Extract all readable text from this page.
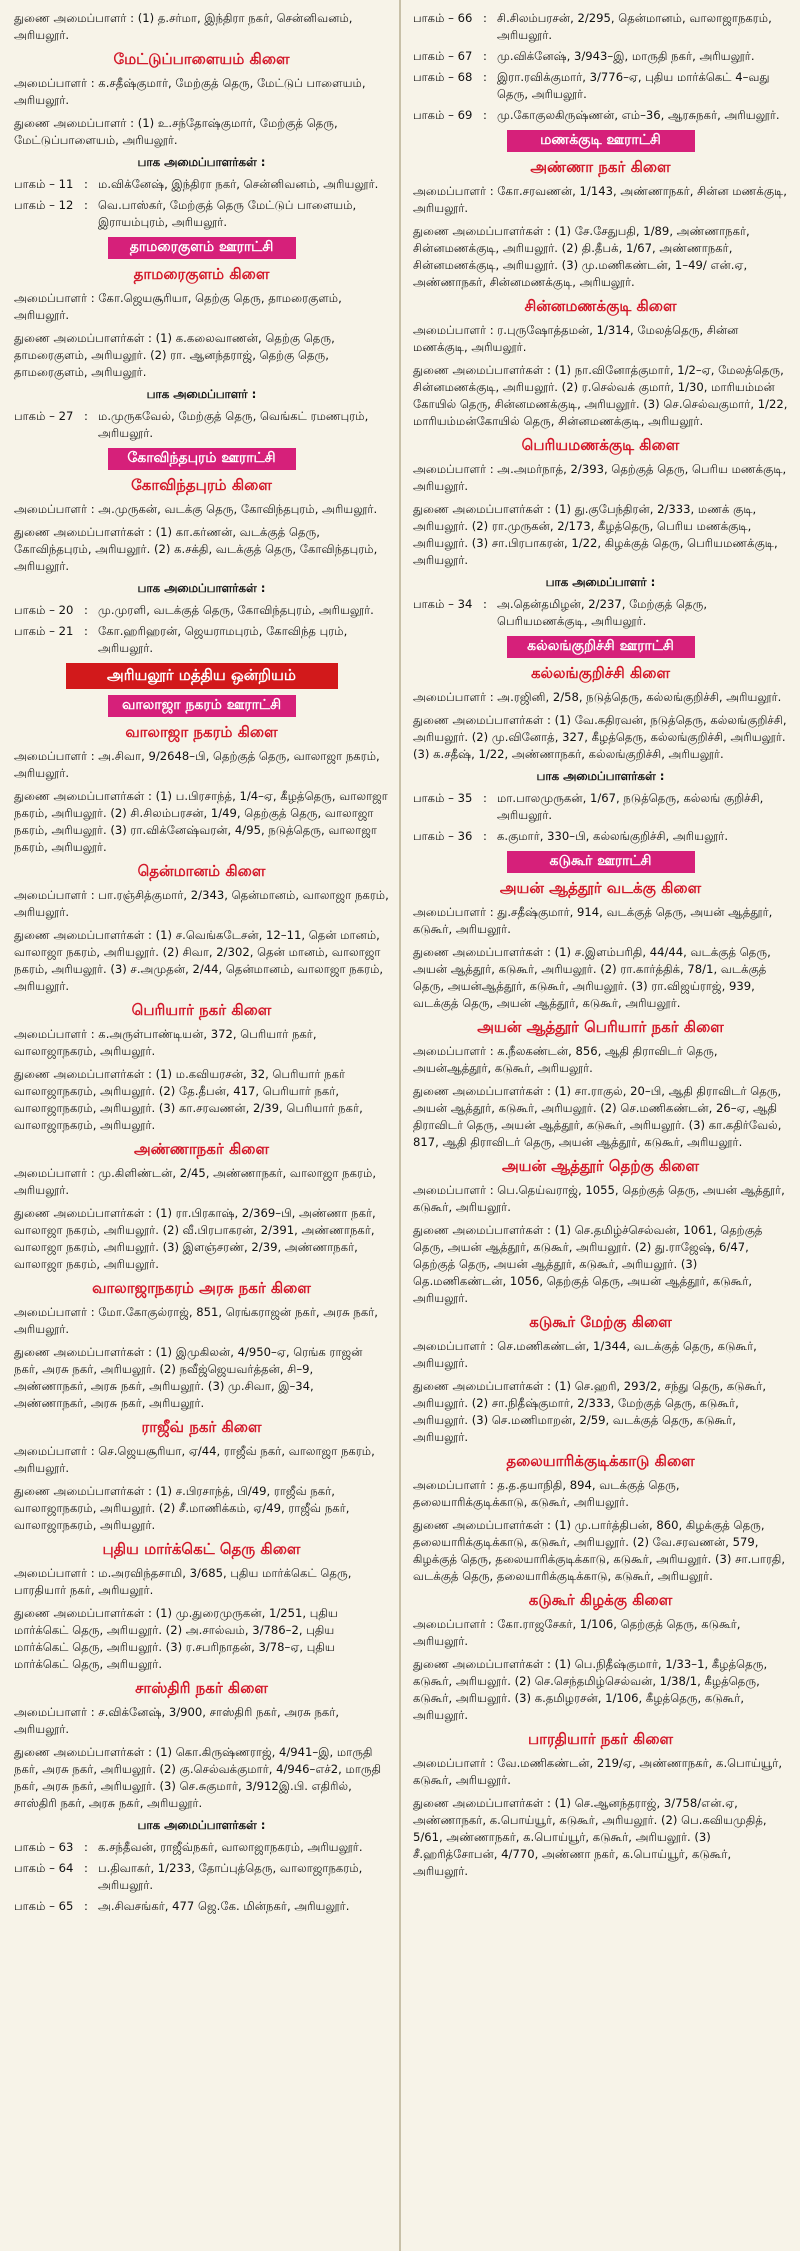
துணை அமைப்பாளர் : (1) த.சர்மா, இந்திரா நகர், சென்னிவனம், அரியலூர்.

மேட்டுப்பாளையம் கிளை

அமைப்பாளர் : க.சதீஷ்குமார், மேற்குத் தெரு, மேட்டுப் பாளையம், அரியலூர்.

துணை அமைப்பாளர் : (1) உ.சந்தோஷ்குமார், மேற்குத் தெரு, மேட்டுப்பாளையம், அரியலூர்.

பாக அமைப்பாளர்கள் :
பாகம் – 11 : ம.விக்னேஷ், இந்திரா நகர், சென்னிவனம், அரியலூர்.
பாகம் – 12 : வெ.பாஸ்கர், மேற்குத் தெரு மேட்டுப் பாளையம், இராயம்புரம், அரியலூர்.
தாமரைகுளம் ஊராட்சி
தாமரைகுளம் கிளை

அமைப்பாளர் : கோ.ஜெயசூரியா, தெற்கு தெரு, தாமரைகுளம், அரியலூர்.

துணை அமைப்பாளர்கள் : (1) க.கலைவாணன், தெற்கு தெரு, தாமரைகுளம், அரியலூர். (2) ரா. ஆனந்தராஜ், தெற்கு தெரு, தாமரைகுளம், அரியலூர்.

பாக அமைப்பாளர் :
பாகம் – 27 : ம.முருகவேல், மேற்குத் தெரு, வெங்கட் ரமணபுரம், அரியலூர்.
கோவிந்தபுரம் ஊராட்சி
கோவிந்தபுரம் கிளை

அமைப்பாளர் : அ.முருகன், வடக்கு தெரு, கோவிந்தபுரம், அரியலூர்.

துணை அமைப்பாளர்கள் : (1) கா.கர்ணன், வடக்குத் தெரு, கோவிந்தபுரம், அரியலூர். (2) க.சக்தி, வடக்குத் தெரு, கோவிந்தபுரம், அரியலூர்.

பாக அமைப்பாளர்கள் :
பாகம் – 20 : மு.முரளி, வடக்குத் தெரு, கோவிந்தபுரம், அரியலூர்.
பாகம் – 21 : கோ.ஹரிஹரன், ஜெயராமபுரம், கோவிந்த புரம், அரியலூர்.
அரியலூர் மத்திய ஒன்றியம்
வாலாஜா நகரம் ஊராட்சி
வாலாஜா நகரம் கிளை

அமைப்பாளர் : அ.சிவா, 9/2648–பி, தெற்குத் தெரு, வாலாஜா நகரம், அரியலூர்.

துணை அமைப்பாளர்கள் : (1) ப.பிரசாந்த், 1/4–ஏ, கீழத்தெரு, வாலாஜா நகரம், அரியலூர். (2) சி.சிலம்பரசன், 1/49, தெற்குத் தெரு, வாலாஜா நகரம், அரியலூர். (3) ரா.விக்னேஷ்வரன், 4/95, நடுத்தெரு, வாலாஜா நகரம், அரியலூர்.

தென்மானம் கிளை

அமைப்பாளர் : பா.ரஞ்சித்குமார், 2/343, தென்மானம், வாலாஜா நகரம், அரியலூர்.

துணை அமைப்பாளர்கள் : (1) ச.வெங்கடேசன், 12–11, தென் மானம், வாலாஜா நகரம், அரியலூர். (2) சிவா, 2/302, தென் மானம், வாலாஜா நகரம், அரியலூர். (3) ச.அமுதன், 2/44, தென்மானம், வாலாஜா நகரம், அரியலூர்.

பெரியார் நகர் கிளை

அமைப்பாளர் : க.அருள்பாண்டியன், 372, பெரியார் நகர், வாலாஜாநகரம், அரியலூர்.

துணை அமைப்பாளர்கள் : (1) ம.கவியரசன், 32, பெரியார் நகர் வாலாஜாநகரம், அரியலூர். (2) தே.தீபன், 417, பெரியார் நகர், வாலாஜாநகரம், அரியலூர். (3) கா.சரவணன், 2/39, பெரியார் நகர், வாலாஜாநகரம், அரியலூர்.

அண்ணாநகர் கிளை

அமைப்பாளர் : மு.கிளிண்டன், 2/45, அண்ணாநகர், வாலாஜா நகரம், அரியலூர்.

துணை அமைப்பாளர்கள் : (1) ரா.பிரகாஷ், 2/369–பி, அண்ணா நகர், வாலாஜா நகரம், அரியலூர். (2) வீ.பிரபாகரன், 2/391, அண்ணாநகர், வாலாஜா நகரம், அரியலூர். (3) இளஞ்சரண், 2/39, அண்ணாநகர், வாலாஜா நகரம், அரியலூர்.

வாலாஜாநகரம் அரசு நகர் கிளை

அமைப்பாளர் : மோ.கோகுல்ராஜ், 851, ரெங்கராஜன் நகர், அரசு நகர், அரியலூர்.

துணை அமைப்பாளர்கள் : (1) இமுகிலன், 4/950–ஏ, ரெங்க ராஜன் நகர், அரசு நகர், அரியலூர். (2) நவீஜ்ஜெயவர்த்தன், சி–9, அண்ணாநகர், அரசு நகர், அரியலூர். (3) மு.சிவா, இ–34, அண்ணாநகர், அரசு நகர், அரியலூர்.

ராஜீவ் நகர் கிளை

அமைப்பாளர் : செ.ஜெயசூரியா, ஏ/44, ராஜீவ் நகர், வாலாஜா நகரம், அரியலூர்.

துணை அமைப்பாளர்கள் : (1) ச.பிரசாந்த், பி/49, ராஜீவ் நகர், வாலாஜாநகரம், அரியலூர். (2) சீ.மாணிக்கம், ஏ/49, ராஜீவ் நகர், வாலாஜாநகரம், அரியலூர்.

புதிய மார்க்கெட் தெரு கிளை

அமைப்பாளர் : ம.அரவிந்தசாமி, 3/685, புதிய மார்க்கெட் தெரு, பாரதியார் நகர், அரியலூர்.

துணை அமைப்பாளர்கள் : (1) மு.துரைமுருகன், 1/251, புதிய மார்க்கெட் தெரு, அரியலூர். (2) அ.சால்வம், 3/786–2, புதிய மார்க்கெட் தெரு, அரியலூர். (3) ர.சபரிநாதன், 3/78–ஏ, புதிய மார்க்கெட் தெரு, அரியலூர்.

சாஸ்திரி நகர் கிளை

அமைப்பாளர் : ச.விக்னேஷ், 3/900, சாஸ்திரி நகர், அரசு நகர், அரியலூர்.

துணை அமைப்பாளர்கள் : (1) கொ.கிருஷ்ணராஜ், 4/941–இ, மாருதி நகர், அரசு நகர், அரியலூர். (2) கு.செல்வக்குமார், 4/946–எச்2, மாருதி நகர், அரசு நகர், அரியலூர். (3) செ.சுகுமார், 3/912இ.பி. எதிரில், சாஸ்திரி நகர், அரசு நகர், அரியலூர்.

பாக அமைப்பாளர்கள் :
பாகம் – 63 : க.சந்தீவன், ராஜீவ்நகர், வாலாஜாநகரம், அரியலூர்.
பாகம் – 64 : ப.திவாகர், 1/233, தோப்புத்தெரு, வாலாஜாநகரம், அரியலூர்.
பாகம் – 65 : அ.சிவசங்கர், 477 ஜெ.கே. மின்நகர், அரியலூர்.
பாகம் – 66 : சி.சிலம்பரசன், 2/295, தென்மானம், வாலாஜாநகரம், அரியலூர்.
பாகம் – 67 : மு.விக்னேஷ், 3/943–இ, மாருதி நகர், அரியலூர்.
பாகம் – 68 : இரா.ரவிக்குமார், 3/776–ஏ, புதிய மார்க்கெட் 4–வது தெரு, அரியலூர்.
பாகம் – 69 : மு.கோகுலகிருஷ்ணன், எம்–36, ஆரசுநகர், அரியலூர்.
மணக்குடி ஊராட்சி
அண்ணா நகர் கிளை

அமைப்பாளர் : கோ.சரவணன், 1/143, அண்ணாநகர், சின்ன மணக்குடி, அரியலூர்.

துணை அமைப்பாளர்கள் : (1) சே.சேதுபதி, 1/89, அண்ணாநகர், சின்னமணக்குடி, அரியலூர். (2) தி.தீபக், 1/67, அண்ணாநகர், சின்னமணக்குடி, அரியலூர். (3) மு.மணிகண்டன், 1–49/ என்.ஏ, அண்ணாநகர், சின்னமணக்குடி, அரியலூர்.

சின்னமணக்குடி கிளை

அமைப்பாளர் : ர.புருஷோத்தமன், 1/314, மேலத்தெரு, சின்ன மணக்குடி, அரியலூர்.

துணை அமைப்பாளர்கள் : (1) நா.வினோத்குமார், 1/2–ஏ, மேலத்தெரு, சின்னமணக்குடி, அரியலூர். (2) ர.செல்வக் குமார், 1/30, மாரியம்மன் கோயில் தெரு, சின்னமணக்குடி, அரியலூர். (3) செ.செல்வகுமார், 1/22, மாரியம்மன்கோயில் தெரு, சின்னமணக்குடி, அரியலூர்.

பெரியமணக்குடி கிளை

அமைப்பாளர் : அ.அமர்நாத், 2/393, தெற்குத் தெரு, பெரிய மணக்குடி, அரியலூர்.

துணை அமைப்பாளர்கள் : (1) து.குபேந்திரன், 2/333, மணக் குடி, அரியலூர். (2) ரா.முருகன், 2/173, கீழத்தெரு, பெரிய மணக்குடி, அரியலூர். (3) சா.பிரபாகரன், 1/22, கிழக்குத் தெரு, பெரியமணக்குடி, அரியலூர்.

பாக அமைப்பாளர் :
பாகம் – 34 : அ.தென்தமிழன், 2/237, மேற்குத் தெரு, பெரியமணக்குடி, அரியலூர்.
கல்லங்குறிச்சி ஊராட்சி
கல்லங்குறிச்சி கிளை

அமைப்பாளர் : அ.ரஜினி, 2/58, நடுத்தெரு, கல்லங்குறிச்சி, அரியலூர்.

துணை அமைப்பாளர்கள் : (1) வே.கதிரவன், நடுத்தெரு, கல்லங்குறிச்சி, அரியலூர். (2) மு.வினோத், 327, கீழத்தெரு, கல்லங்குறிச்சி, அரியலூர். (3) க.சதீஷ், 1/22, அண்ணாநகர், கல்லங்குறிச்சி, அரியலூர்.

பாக அமைப்பாளர்கள் :
பாகம் – 35 : மா.பாலமுருகன், 1/67, நடுத்தெரு, கல்லங் குறிச்சி, அரியலூர்.
பாகம் – 36 : க.குமார், 330–பி, கல்லங்குறிச்சி, அரியலூர்.
கடுகூர் ஊராட்சி
அயன் ஆத்தூர் வடக்கு கிளை

அமைப்பாளர் : து.சதீஷ்குமார், 914, வடக்குத் தெரு, அயன் ஆத்தூர், கடுகூர், அரியலூர்.

துணை அமைப்பாளர்கள் : (1) ச.இளம்பரிதி, 44/44, வடக்குத் தெரு, அயன் ஆத்தூர், கடுகூர், அரியலூர். (2) ரா.கார்த்திக், 78/1, வடக்குத் தெரு, அயன்ஆத்தூர், கடுகூர், அரியலூர். (3) ரா.விஜய்ராஜ், 939, வடக்குத் தெரு, அயன் ஆத்தூர், கடுகூர், அரியலூர்.

அயன் ஆத்தூர் பெரியார் நகர் கிளை

அமைப்பாளர் : க.நீலகண்டன், 856, ஆதி திராவிடர் தெரு, அயன்ஆத்தூர், கடுகூர், அரியலூர்.

துணை அமைப்பாளர்கள் : (1) சா.ராகுல், 20–பி, ஆதி திராவிடர் தெரு, அயன் ஆத்தூர், கடுகூர், அரியலூர். (2) செ.மணிகண்டன், 26–ஏ, ஆதி திராவிடர் தெரு, அயன் ஆத்தூர், கடுகூர், அரியலூர். (3) கா.கதிர்வேல், 817, ஆதி திராவிடர் தெரு, அயன் ஆத்தூர், கடுகூர், அரியலூர்.

அயன் ஆத்தூர் தெற்கு கிளை

அமைப்பாளர் : பெ.தெய்வராஜ், 1055, தெற்குத் தெரு, அயன் ஆத்தூர், கடுகூர், அரியலூர்.

துணை அமைப்பாளர்கள் : (1) செ.தமிழ்ச்செல்வன், 1061, தெற்குத் தெரு, அயன் ஆத்தூர், கடுகூர், அரியலூர். (2) து.ராஜேஷ், 6/47, தெற்குத் தெரு, அயன் ஆத்தூர், கடுகூர், அரியலூர். (3) தெ.மணிகண்டன், 1056, தெற்குத் தெரு, அயன் ஆத்தூர், கடுகூர், அரியலூர்.

கடுகூர் மேற்கு கிளை

அமைப்பாளர் : செ.மணிகண்டன், 1/344, வடக்குத் தெரு, கடுகூர், அரியலூர்.

துணை அமைப்பாளர்கள் : (1) செ.ஹரி, 293/2, சந்து தெரு, கடுகூர், அரியலூர். (2) சா.நிதீஷ்குமார், 2/333, மேற்குத் தெரு, கடுகூர், அரியலூர். (3) செ.மணிமாறன், 2/59, வடக்குத் தெரு, கடுகூர், அரியலூர்.

தலையாரிக்குடிக்காடு கிளை

அமைப்பாளர் : த.த.தயாநிதி, 894, வடக்குத் தெரு, தலையாரிக்குடிக்காடு, கடுகூர், அரியலூர்.

துணை அமைப்பாளர்கள் : (1) மு.பார்த்திபன், 860, கிழக்குத் தெரு, தலையாரிக்குடிக்காடு, கடுகூர், அரியலூர். (2) வே.சரவணன், 579, கிழக்குத் தெரு, தலையாரிக்குடிக்காடு, கடுகூர், அரியலூர். (3) சா.பாரதி, வடக்குத் தெரு, தலையாரிக்குடிக்காடு, கடுகூர், அரியலூர்.

கடுகூர் கிழக்கு கிளை

அமைப்பாளர் : கோ.ராஜசேகர், 1/106, தெற்குத் தெரு, கடுகூர், அரியலூர்.

துணை அமைப்பாளர்கள் : (1) பெ.நிதீஷ்குமார், 1/33–1, கீழத்தெரு, கடுகூர், அரியலூர். (2) செ.செந்தமிழ்செல்வன், 1/38/1, கீழத்தெரு, கடுகூர், அரியலூர். (3) க.தமிழரசன், 1/106, கீழத்தெரு, கடுகூர், அரியலூர்.

பாரதியார் நகர் கிளை

அமைப்பாளர் : வே.மணிகண்டன், 219/ஏ, அண்ணாநகர், க.பொய்யூர், கடுகூர், அரியலூர்.

துணை அமைப்பாளர்கள் : (1) செ.ஆனந்தராஜ், 3/758/என்.ஏ, அண்ணாநகர், க.பொய்யூர், கடுகூர், அரியலூர். (2) பெ.கவியமுதித், 5/61, அண்ணாநகர், க.பொய்யூர், கடுகூர், அரியலூர். (3) சீ.ஹரித்சோபன், 4/770, அண்ணா நகர், க.பொய்யூர், கடுகூர், அரியலூர்.
